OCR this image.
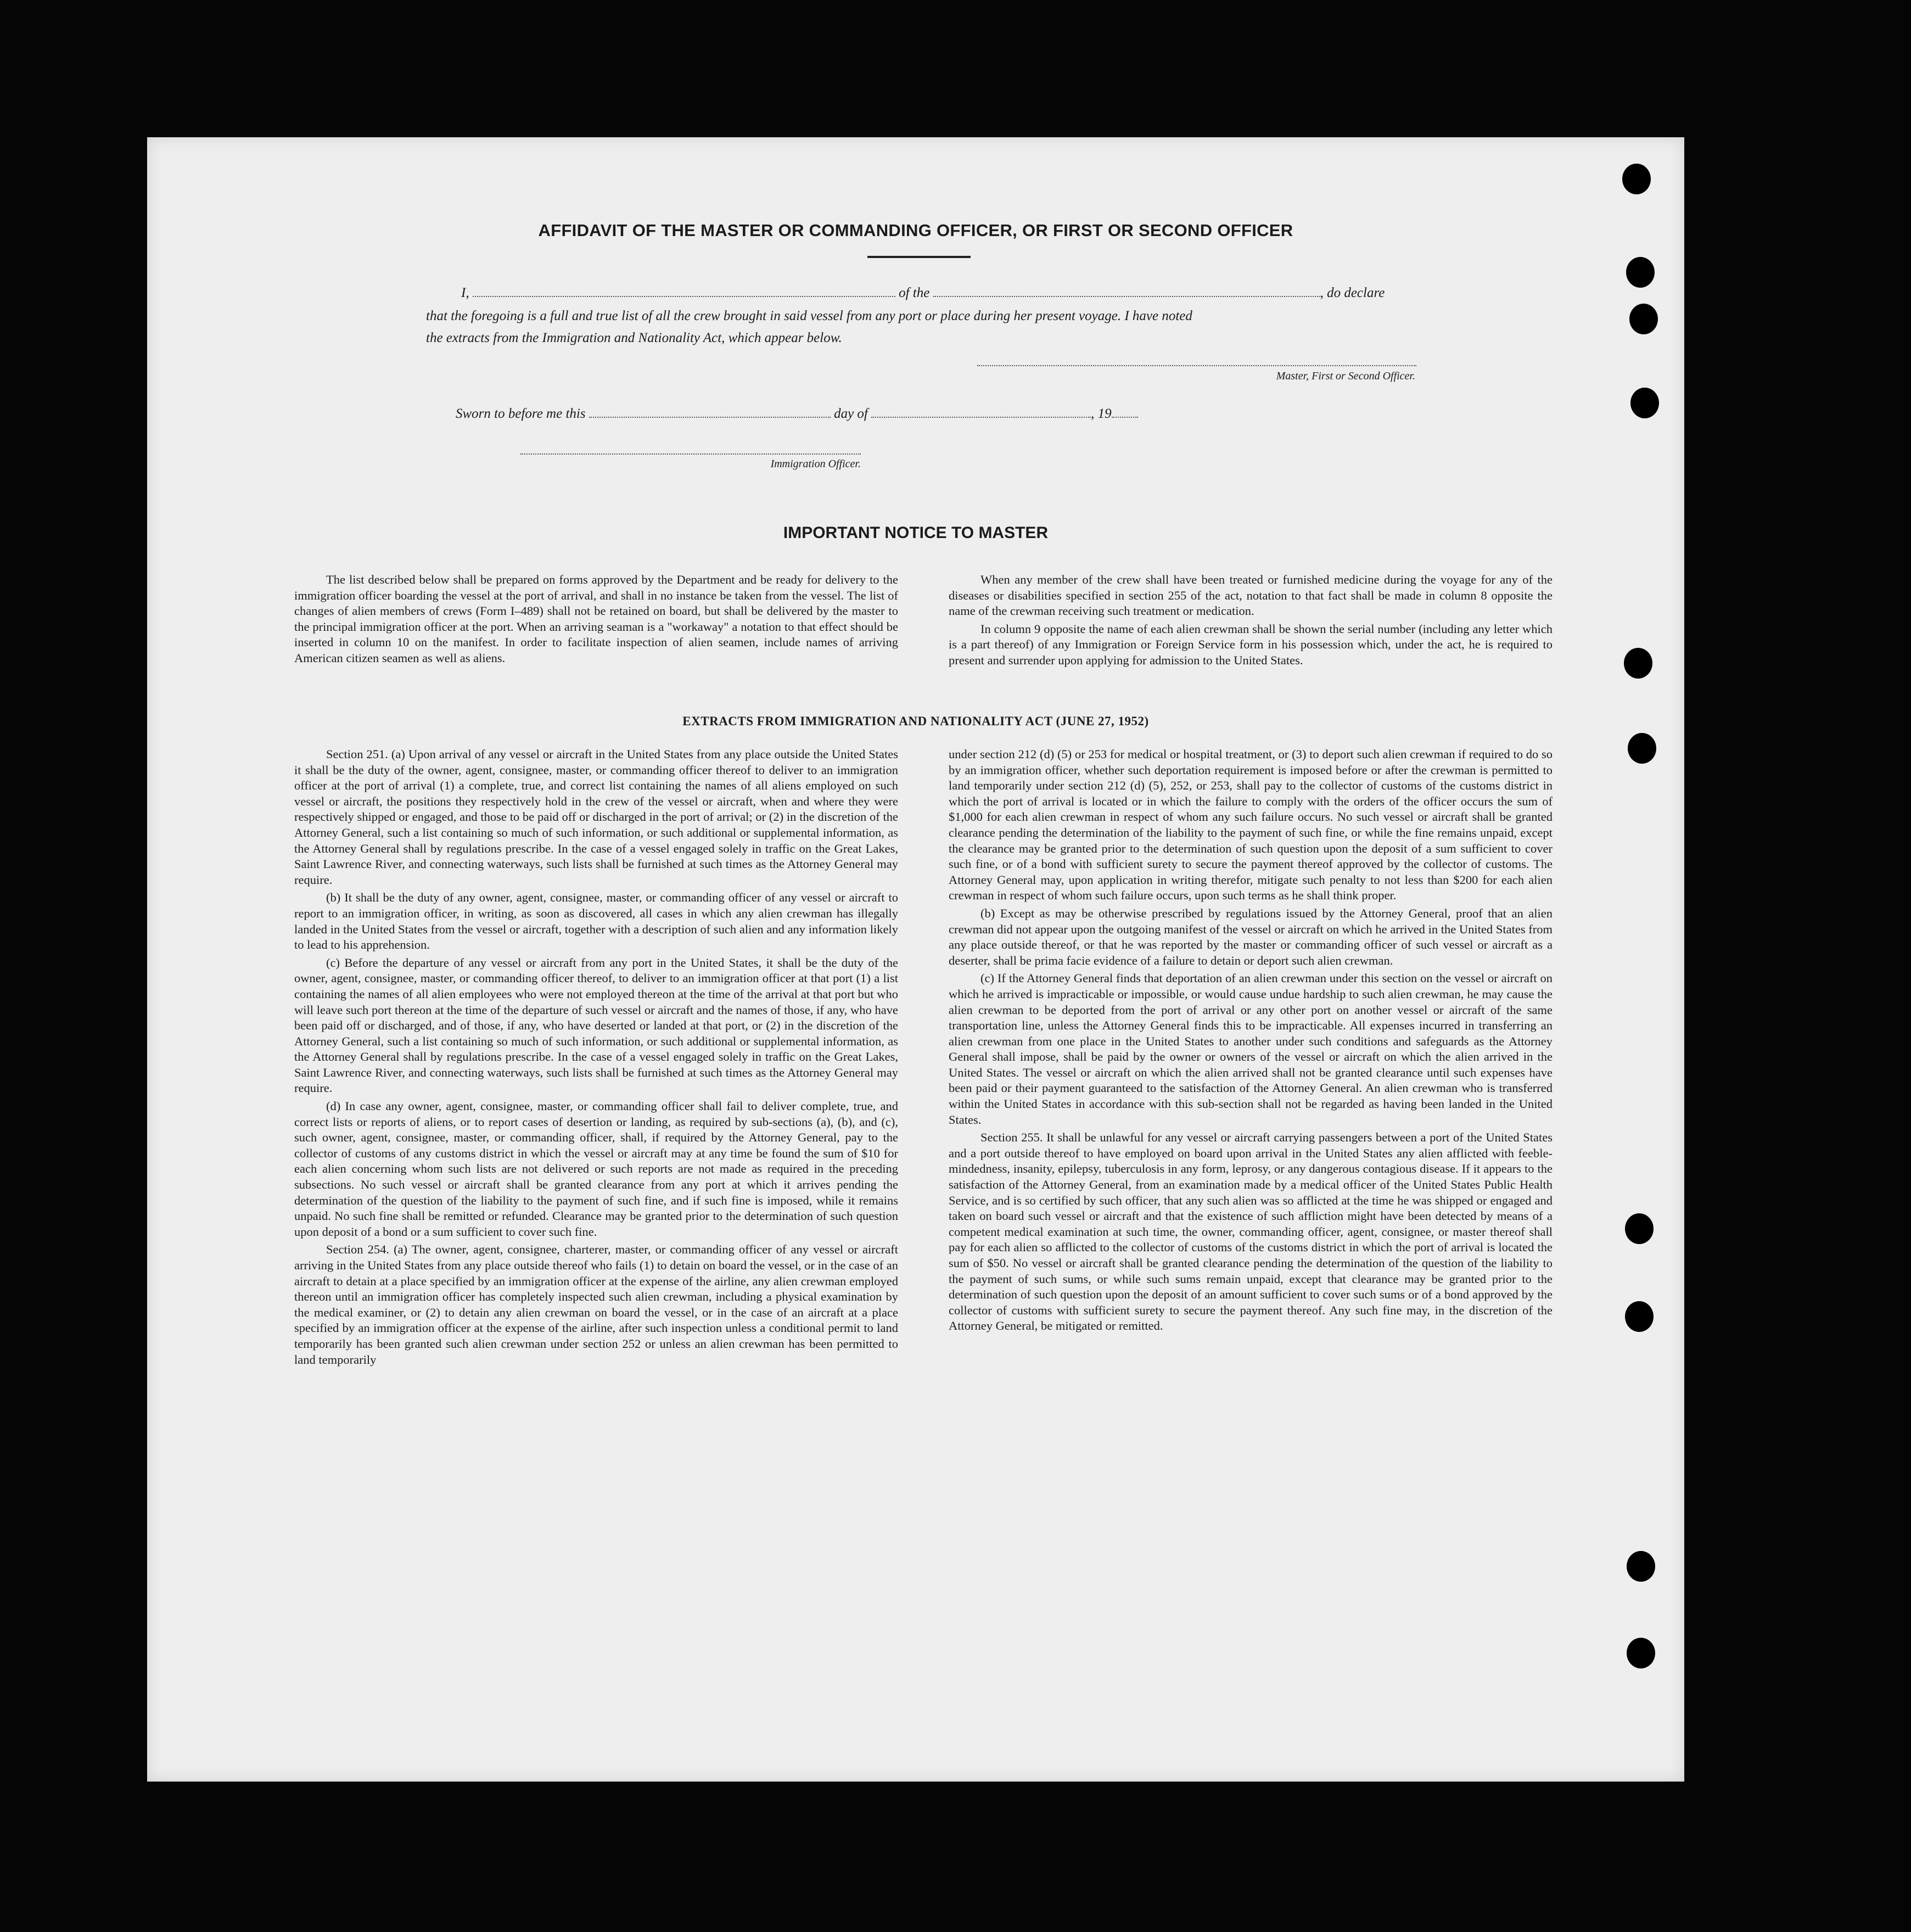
AFFIDAVIT OF THE MASTER OR COMMANDING OFFICER, OR FIRST OR SECOND OFFICER
I,	of the	, do declare
that the foregoing is a full and true list of all the crew brought in said vessel from any port or place during her present voyage. I have noted
the extracts from the Immigration and Nationality Act, which appear below.
Master, First or Second Officer.
Sworn to before me this	day of	, 19
Immigration Officer.
IMPORTANT NOTICE TO MASTER

The list described below shall be prepared on forms approved by the Department and be ready for delivery to the immigration officer boarding the vessel at the port of arrival, and shall in no instance be taken from the vessel. The list of changes of alien members of crews (Form I–489) shall not be retained on board, but shall be delivered by the master to the principal immigration officer at the port. When an arriving seaman is a "workaway" a notation to that effect should be inserted in column 10 on the manifest. In order to facilitate inspection of alien seamen, include names of arriving American citizen seamen as well as aliens.

When any member of the crew shall have been treated or furnished medicine during the voyage for any of the diseases or disabilities specified in section 255 of the act, notation to that fact shall be made in column 8 opposite the name of the crewman receiving such treatment or medication.

In column 9 opposite the name of each alien crewman shall be shown the serial number (including any letter which is a part thereof) of any Immigration or Foreign Service form in his possession which, under the act, he is required to present and surrender upon applying for admission to the United States.

EXTRACTS FROM IMMIGRATION AND NATIONALITY ACT (JUNE 27, 1952)

Section 251. (a) Upon arrival of any vessel or aircraft in the United States from any place outside the United States it shall be the duty of the owner, agent, consignee, master, or commanding officer thereof to deliver to an immigration officer at the port of arrival (1) a complete, true, and correct list containing the names of all aliens employed on such vessel or aircraft, the positions they respectively hold in the crew of the vessel or aircraft, when and where they were respectively shipped or engaged, and those to be paid off or discharged in the port of arrival; or (2) in the discretion of the Attorney General, such a list containing so much of such information, or such additional or supplemental information, as the Attorney General shall by regulations prescribe. In the case of a vessel engaged solely in traffic on the Great Lakes, Saint Lawrence River, and connecting waterways, such lists shall be furnished at such times as the Attorney General may require.

(b) It shall be the duty of any owner, agent, consignee, master, or commanding officer of any vessel or aircraft to report to an immigration officer, in writing, as soon as discovered, all cases in which any alien crewman has illegally landed in the United States from the vessel or aircraft, together with a description of such alien and any information likely to lead to his apprehension.

(c) Before the departure of any vessel or aircraft from any port in the United States, it shall be the duty of the owner, agent, consignee, master, or commanding officer thereof, to deliver to an immigration officer at that port (1) a list containing the names of all alien employees who were not employed thereon at the time of the arrival at that port but who will leave such port thereon at the time of the departure of such vessel or aircraft and the names of those, if any, who have been paid off or discharged, and of those, if any, who have deserted or landed at that port, or (2) in the discretion of the Attorney General, such a list containing so much of such information, or such additional or supplemental information, as the Attorney General shall by regulations prescribe. In the case of a vessel engaged solely in traffic on the Great Lakes, Saint Lawrence River, and connecting waterways, such lists shall be furnished at such times as the Attorney General may require.

(d) In case any owner, agent, consignee, master, or commanding officer shall fail to deliver complete, true, and correct lists or reports of aliens, or to report cases of desertion or landing, as required by sub-sections (a), (b), and (c), such owner, agent, consignee, master, or commanding officer, shall, if required by the Attorney General, pay to the collector of customs of any customs district in which the vessel or aircraft may at any time be found the sum of $10 for each alien concerning whom such lists are not delivered or such reports are not made as required in the preceding subsections. No such vessel or aircraft shall be granted clearance from any port at which it arrives pending the determination of the question of the liability to the payment of such fine, and if such fine is imposed, while it remains unpaid. No such fine shall be remitted or refunded. Clearance may be granted prior to the determination of such question upon deposit of a bond or a sum sufficient to cover such fine.

Section 254. (a) The owner, agent, consignee, charterer, master, or commanding officer of any vessel or aircraft arriving in the United States from any place outside thereof who fails (1) to detain on board the vessel, or in the case of an aircraft to detain at a place specified by an immigration officer at the expense of the airline, any alien crewman employed thereon until an immigration officer has completely inspected such alien crewman, including a physical examination by the medical examiner, or (2) to detain any alien crewman on board the vessel, or in the case of an aircraft at a place specified by an immigration officer at the expense of the airline, after such inspection unless a conditional permit to land temporarily has been granted such alien crewman under section 252 or unless an alien crewman has been permitted to land temporarily

under section 212 (d) (5) or 253 for medical or hospital treatment, or (3) to deport such alien crewman if required to do so by an immigration officer, whether such deportation requirement is imposed before or after the crewman is permitted to land temporarily under section 212 (d) (5), 252, or 253, shall pay to the collector of customs of the customs district in which the port of arrival is located or in which the failure to comply with the orders of the officer occurs the sum of $1,000 for each alien crewman in respect of whom any such failure occurs. No such vessel or aircraft shall be granted clearance pending the determination of the liability to the payment of such fine, or while the fine remains unpaid, except the clearance may be granted prior to the determination of such question upon the deposit of a sum sufficient to cover such fine, or of a bond with sufficient surety to secure the payment thereof approved by the collector of customs. The Attorney General may, upon application in writing therefor, mitigate such penalty to not less than $200 for each alien crewman in respect of whom such failure occurs, upon such terms as he shall think proper.

(b) Except as may be otherwise prescribed by regulations issued by the Attorney General, proof that an alien crewman did not appear upon the outgoing manifest of the vessel or aircraft on which he arrived in the United States from any place outside thereof, or that he was reported by the master or commanding officer of such vessel or aircraft as a deserter, shall be prima facie evidence of a failure to detain or deport such alien crewman.

(c) If the Attorney General finds that deportation of an alien crewman under this section on the vessel or aircraft on which he arrived is impracticable or impossible, or would cause undue hardship to such alien crewman, he may cause the alien crewman to be deported from the port of arrival or any other port on another vessel or aircraft of the same transportation line, unless the Attorney General finds this to be impracticable. All expenses incurred in transferring an alien crewman from one place in the United States to another under such conditions and safeguards as the Attorney General shall impose, shall be paid by the owner or owners of the vessel or aircraft on which the alien arrived in the United States. The vessel or aircraft on which the alien arrived shall not be granted clearance until such expenses have been paid or their payment guaranteed to the satisfaction of the Attorney General. An alien crewman who is transferred within the United States in accordance with this sub-section shall not be regarded as having been landed in the United States.

Section 255. It shall be unlawful for any vessel or aircraft carrying passengers between a port of the United States and a port outside thereof to have employed on board upon arrival in the United States any alien afflicted with feeble-mindedness, insanity, epilepsy, tuberculosis in any form, leprosy, or any dangerous contagious disease. If it appears to the satisfaction of the Attorney General, from an examination made by a medical officer of the United States Public Health Service, and is so certified by such officer, that any such alien was so afflicted at the time he was shipped or engaged and taken on board such vessel or aircraft and that the existence of such affliction might have been detected by means of a competent medical examination at such time, the owner, commanding officer, agent, consignee, or master thereof shall pay for each alien so afflicted to the collector of customs of the customs district in which the port of arrival is located the sum of $50. No vessel or aircraft shall be granted clearance pending the determination of the question of the liability to the payment of such sums, or while such sums remain unpaid, except that clearance may be granted prior to the determination of such question upon the deposit of an amount sufficient to cover such sums or of a bond approved by the collector of customs with sufficient surety to secure the payment thereof. Any such fine may, in the discretion of the Attorney General, be mitigated or remitted.
